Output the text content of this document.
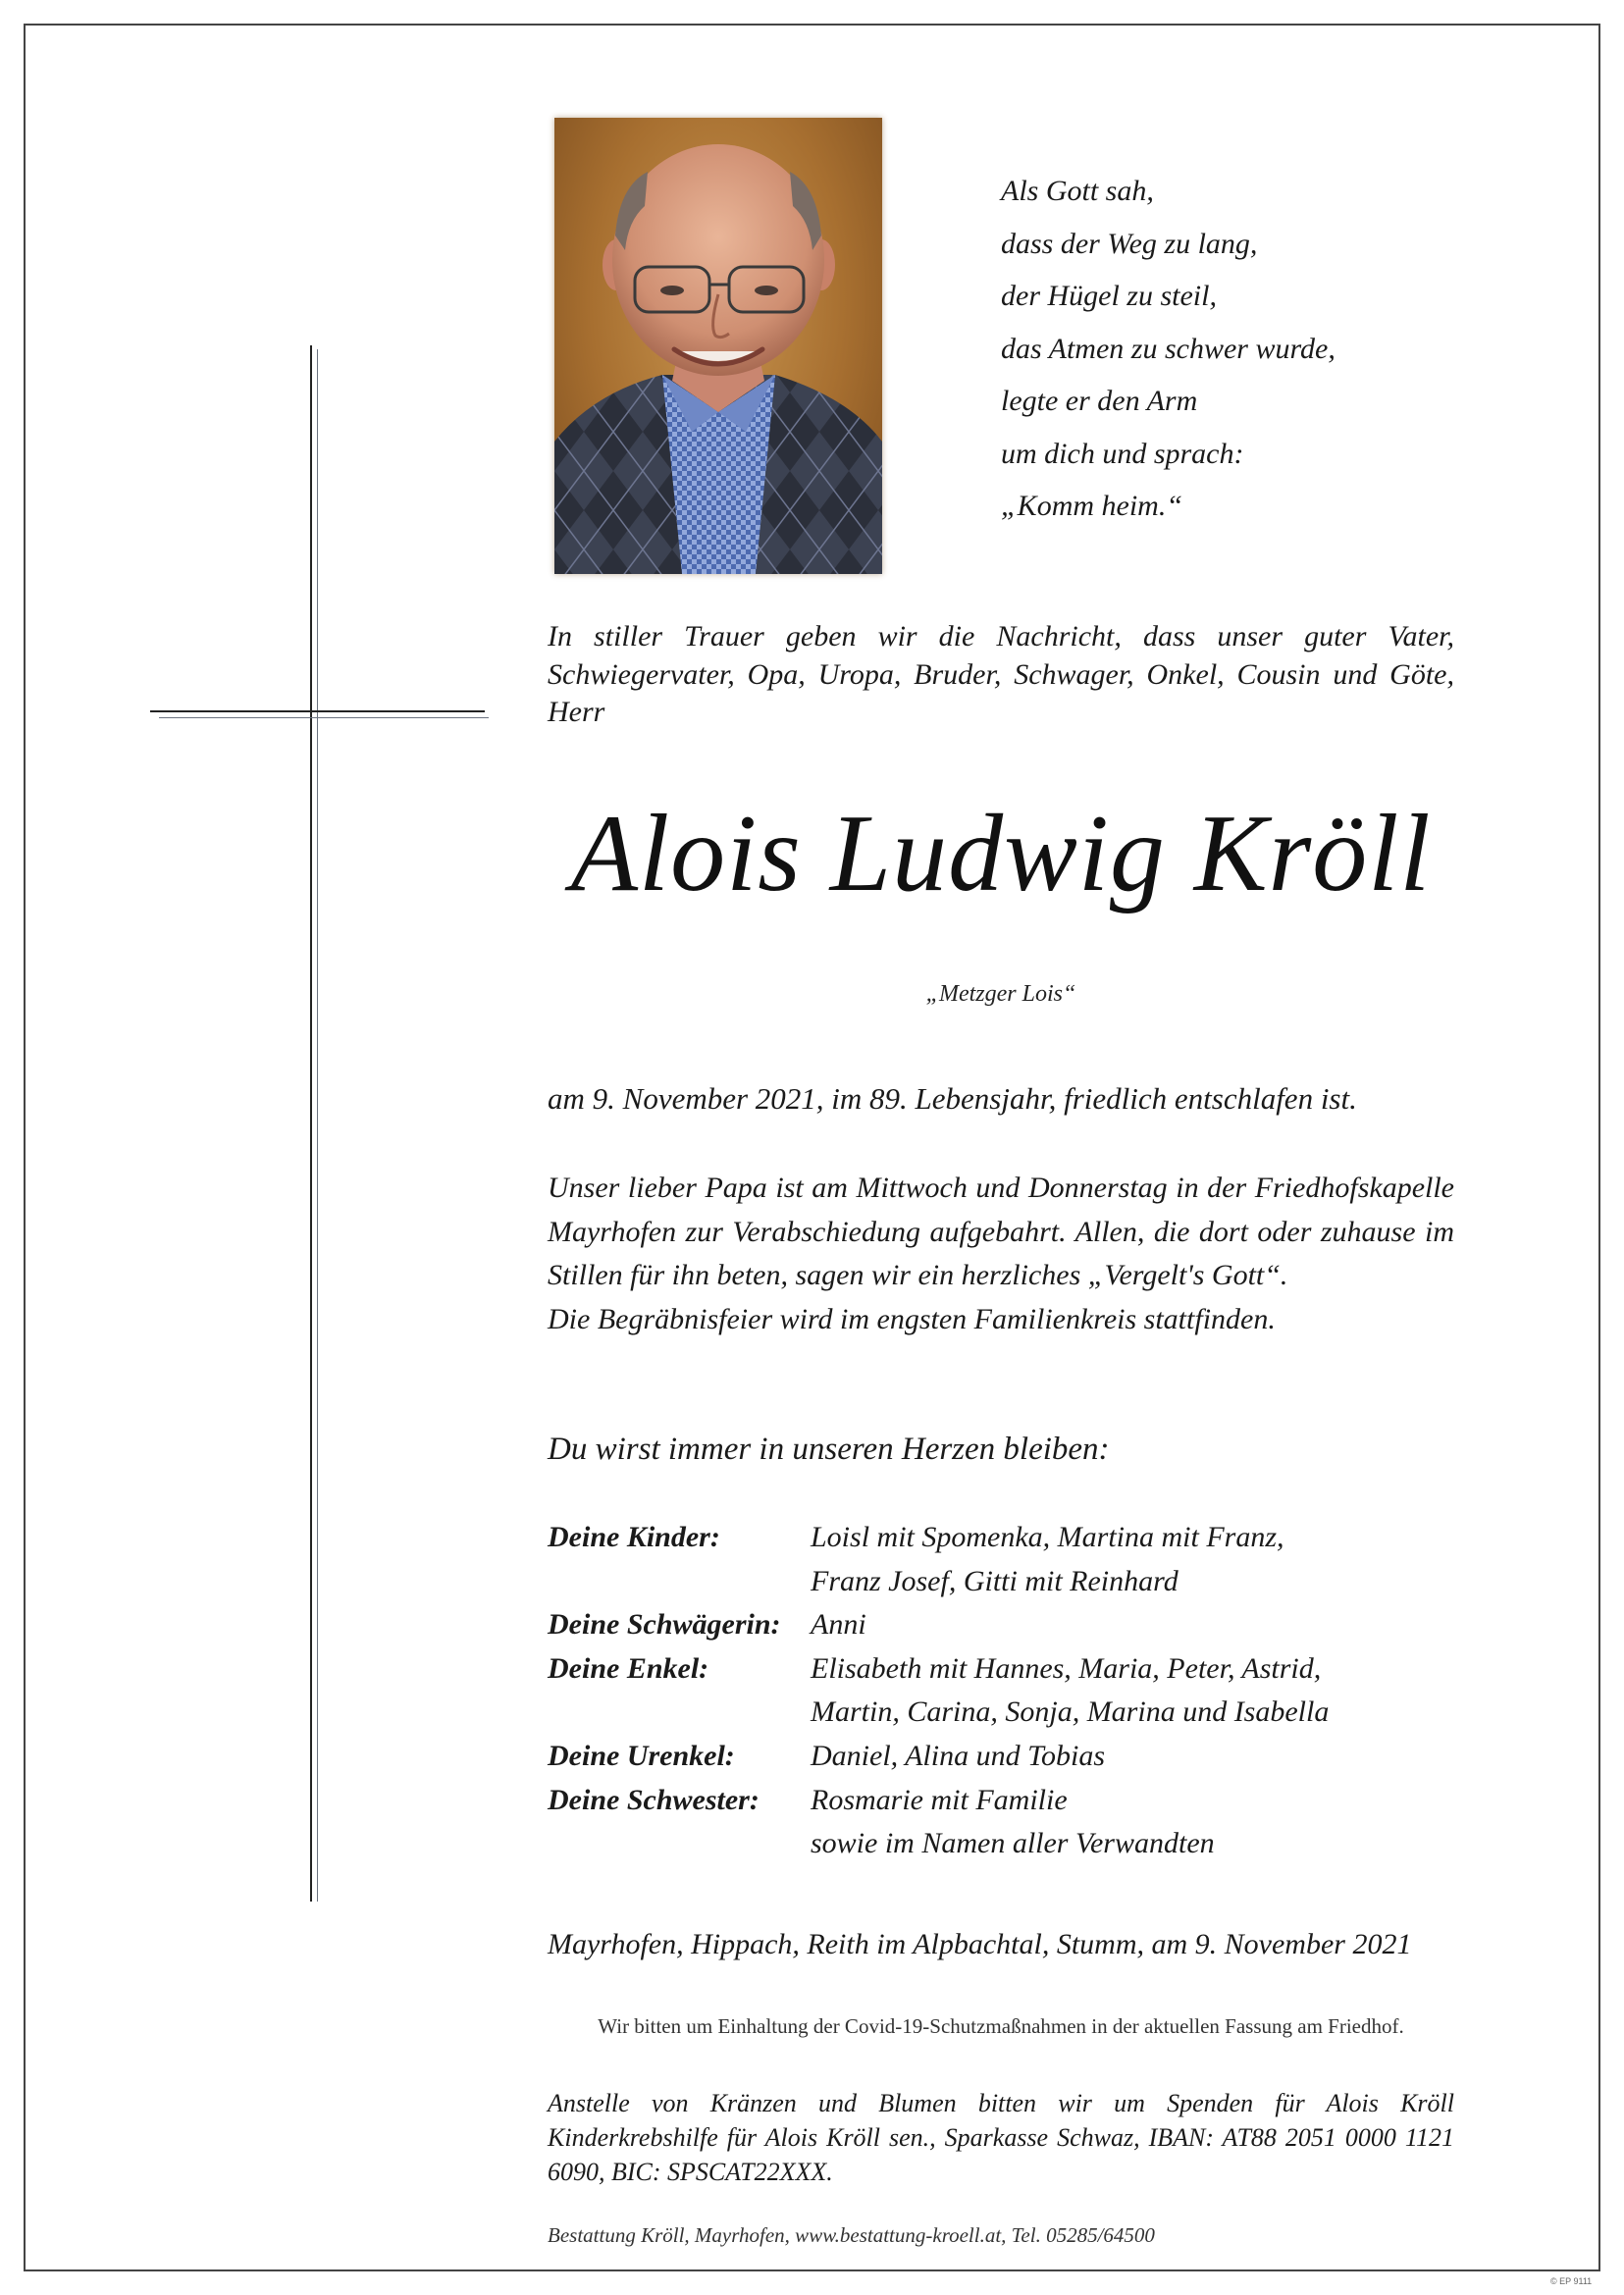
Als Gott sah,
dass der Weg zu lang,
der Hügel zu steil,
das Atmen zu schwer wurde,
legte er den Arm
um dich und sprach:
„Komm heim.“
In stiller Trauer geben wir die Nachricht, dass unser guter Vater, Schwiegervater, Opa, Uropa, Bruder, Schwager, Onkel, Cousin und Göte, Herr
Alois Ludwig Kröll
„Metzger Lois“
am 9. November 2021, im 89. Lebensjahr, friedlich entschlafen ist.
Unser lieber Papa ist am Mittwoch und Donnerstag in der Friedhofskapelle Mayrhofen zur Verabschiedung aufgebahrt. Allen, die dort oder zuhause im Stillen für ihn beten, sagen wir ein herzliches „Vergelt's Gott“.
Die Begräbnisfeier wird im engsten Familienkreis stattfinden.
Du wirst immer in unseren Herzen bleiben:
Deine Kinder:	Loisl mit Spomenka, Martina mit Franz,
Franz Josef, Gitti mit Reinhard
Deine Schwägerin:	Anni
Deine Enkel:	Elisabeth mit Hannes, Maria, Peter, Astrid,
Martin, Carina, Sonja, Marina und Isabella
Deine Urenkel:	Daniel, Alina und Tobias
Deine Schwester:	Rosmarie mit Familie
sowie im Namen aller Verwandten
Mayrhofen, Hippach, Reith im Alpbachtal, Stumm, am 9. November 2021
Wir bitten um Einhaltung der Covid-19-Schutzmaßnahmen in der aktuellen Fassung am Friedhof.
Anstelle von Kränzen und Blumen bitten wir um Spenden für Alois Kröll Kinderkrebshilfe für Alois Kröll sen., Sparkasse Schwaz, IBAN: AT88 2051 0000 1121 6090, BIC: SPSCAT22XXX.
Bestattung Kröll, Mayrhofen, www.bestattung-kroell.at, Tel. 05285/64500
© EP 9111
